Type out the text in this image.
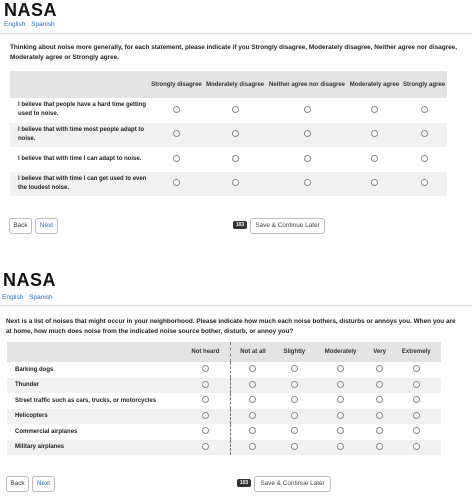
NASA
English Spanish
Thinking about noise more generally, for each statement, please indicate if you Strongly disagree, Moderately disagree, Neither agree nor disagree, Moderately agree or Strongly agree.
	Strongly disagree	Moderately disagree	Neither agree nor disagree	Moderately agree	Strongly agree
I believe that people have a hard time getting used to noise.					
I believe that with time most people adapt to noise.					
I believe that with time I can adapt to noise.					
I believe that with time I can get used to even the loudest noise.					
Back	Next	103	Save & Continue Later
NASA
English Spanish
Next is a list of noises that might occur in your neighborhood. Please indicate how much each noise bothers, disturbs or annoys you. When you are at home, how much does noise from the indicated noise source bother, disturb, or annoy you?
	Not heard	Not at all	Slightly	Moderately	Very	Extremely
Barking dogs						
Thunder						
Street traffic such as cars, trucks, or motorcycles						
Helicopters						
Commercial airplanes						
Military airplanes						
Back	Next	103	Save & Continue Later
